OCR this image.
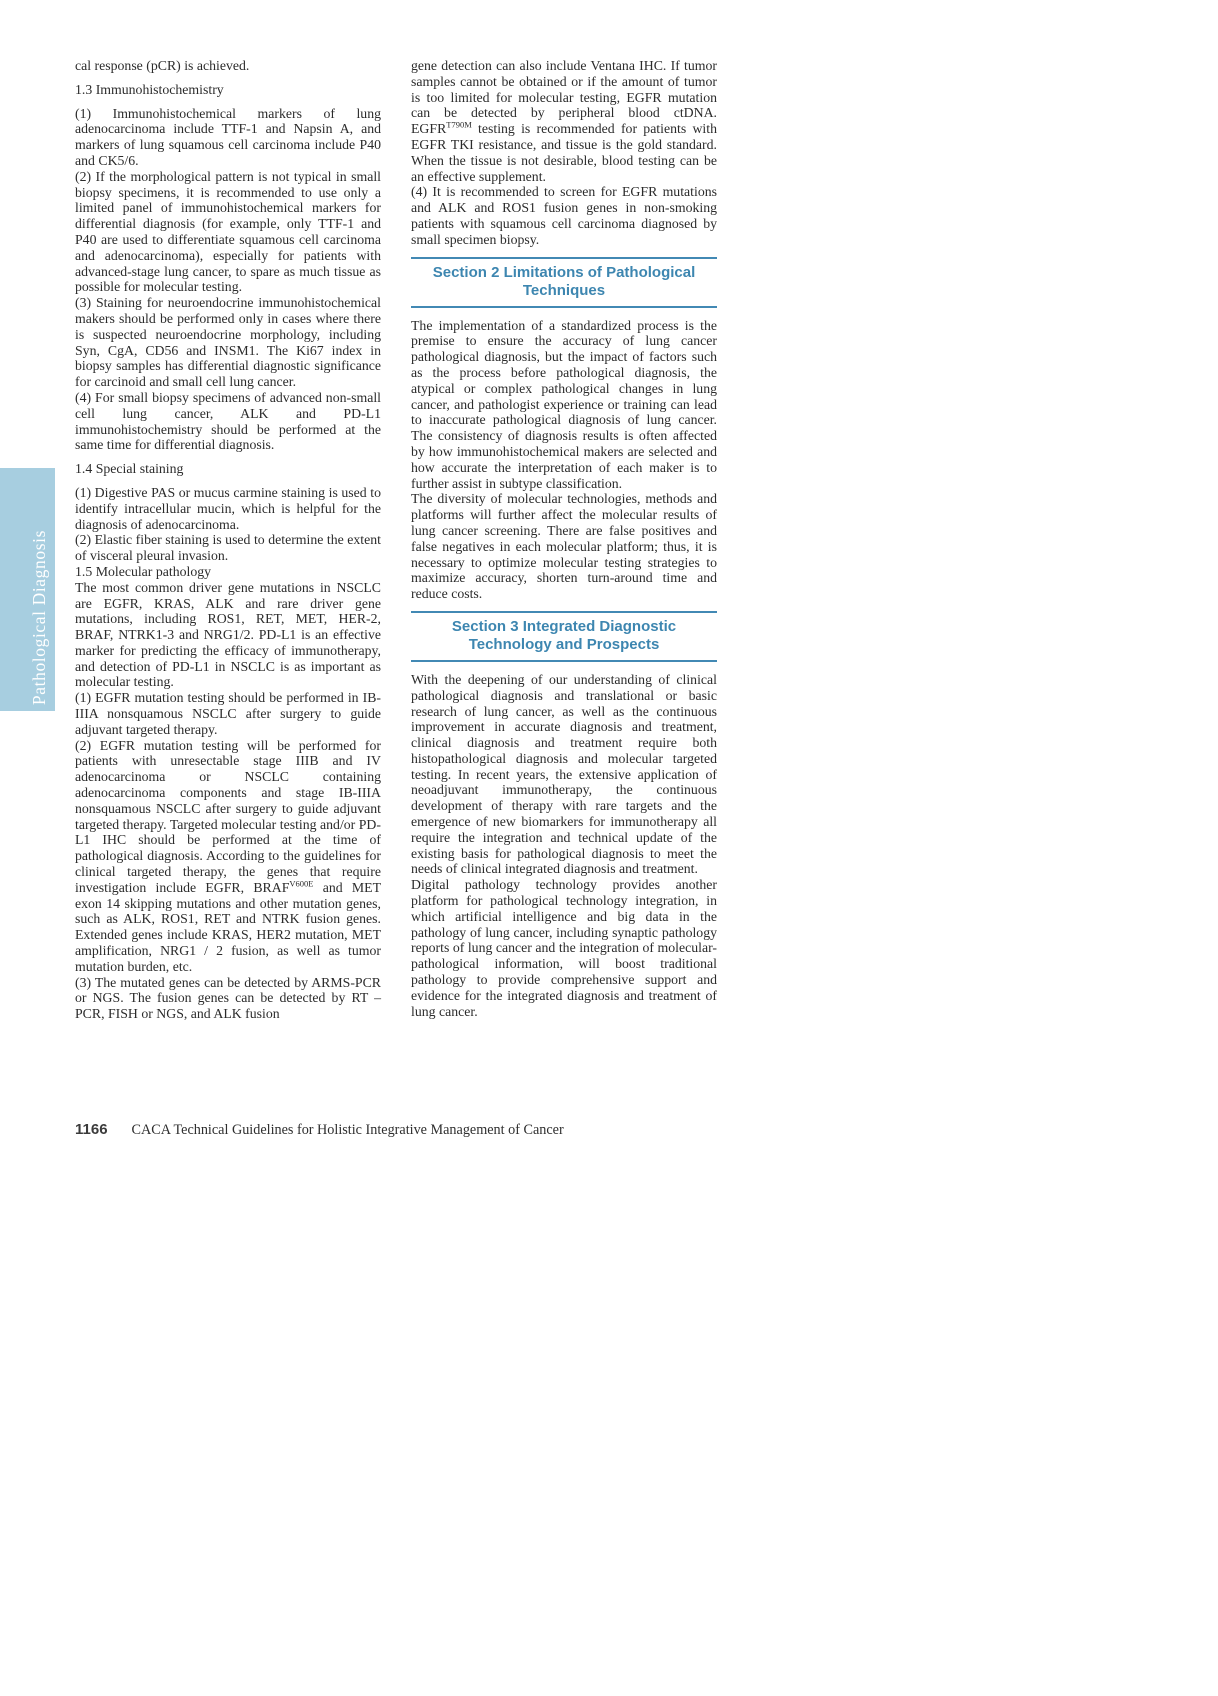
Pathological Diagnosis

cal response (pCR) is achieved.

1.3 Immunohistochemistry

(1) Immunohistochemical markers of lung adenocarcinoma include TTF-1 and Napsin A, and markers of lung squamous cell carcinoma include P40 and CK5/6.

(2) If the morphological pattern is not typical in small biopsy specimens, it is recommended to use only a limited panel of immunohistochemical markers for differential diagnosis (for example, only TTF-1 and P40 are used to differentiate squamous cell carcinoma and adenocarcinoma), especially for patients with advanced-stage lung cancer, to spare as much tissue as possible for molecular testing.

(3) Staining for neuroendocrine immunohistochemical makers should be performed only in cases where there is suspected neuroendocrine morphology, including Syn, CgA, CD56 and INSM1. The Ki67 index in biopsy samples has differential diagnostic significance for carcinoid and small cell lung cancer.

(4) For small biopsy specimens of advanced non-small cell lung cancer, ALK and PD-L1 immunohistochemistry should be performed at the same time for differential diagnosis.

1.4 Special staining

(1) Digestive PAS or mucus carmine staining is used to identify intracellular mucin, which is helpful for the diagnosis of adenocarcinoma.

(2) Elastic fiber staining is used to determine the extent of visceral pleural invasion.

1.5 Molecular pathology

The most common driver gene mutations in NSCLC are EGFR, KRAS, ALK and rare driver gene mutations, including ROS1, RET, MET, HER-2, BRAF, NTRK1-3 and NRG1/2. PD-L1 is an effective marker for predicting the efficacy of immunotherapy, and detection of PD-L1 in NSCLC is as important as molecular testing.

(1) EGFR mutation testing should be performed in IB-IIIA nonsquamous NSCLC after surgery to guide adjuvant targeted therapy.

(2) EGFR mutation testing will be performed for patients with unresectable stage IIIB and IV adenocarcinoma or NSCLC containing adenocarcinoma components and stage IB-IIIA nonsquamous NSCLC after surgery to guide adjuvant targeted therapy. Targeted molecular testing and/or PD-L1 IHC should be performed at the time of pathological diagnosis. According to the guidelines for clinical targeted therapy, the genes that require investigation include EGFR, $BRAF^{V600E}$ and MET exon 14 skipping mutations and other mutation genes, such as ALK, ROS1, RET and NTRK fusion genes. Extended genes include KRAS, HER2 mutation, MET amplification, NRG1 / 2 fusion, as well as tumor mutation burden, etc.

(3) The mutated genes can be detected by ARMS-PCR or NGS. The fusion genes can be detected by RT – PCR, FISH or NGS, and ALK fusion

gene detection can also include Ventana IHC. If tumor samples cannot be obtained or if the amount of tumor is too limited for molecular testing, EGFR mutation can be detected by peripheral blood ctDNA. $EGFR^{T790M}$ testing is recommended for patients with EGFR TKI resistance, and tissue is the gold standard. When the tissue is not desirable, blood testing can be an effective supplement.

(4) It is recommended to screen for EGFR mutations and ALK and ROS1 fusion genes in non-smoking patients with squamous cell carcinoma diagnosed by small specimen biopsy.

Section 2 Limitations of Pathological Techniques

The implementation of a standardized process is the premise to ensure the accuracy of lung cancer pathological diagnosis, but the impact of factors such as the process before pathological diagnosis, the atypical or complex pathological changes in lung cancer, and pathologist experience or training can lead to inaccurate pathological diagnosis of lung cancer. The consistency of diagnosis results is often affected by how immunohistochemical makers are selected and how accurate the interpretation of each maker is to further assist in subtype classification.

The diversity of molecular technologies, methods and platforms will further affect the molecular results of lung cancer screening. There are false positives and false negatives in each molecular platform; thus, it is necessary to optimize molecular testing strategies to maximize accuracy, shorten turn-around time and reduce costs.

Section 3 Integrated Diagnostic Technology and Prospects

With the deepening of our understanding of clinical pathological diagnosis and translational or basic research of lung cancer, as well as the continuous improvement in accurate diagnosis and treatment, clinical diagnosis and treatment require both histopathological diagnosis and molecular targeted testing. In recent years, the extensive application of neoadjuvant immunotherapy, the continuous development of therapy with rare targets and the emergence of new biomarkers for immunotherapy all require the integration and technical update of the existing basis for pathological diagnosis to meet the needs of clinical integrated diagnosis and treatment.

Digital pathology technology provides another platform for pathological technology integration, in which artificial intelligence and big data in the pathology of lung cancer, including synaptic pathology reports of lung cancer and the integration of molecular-pathological information, will boost traditional pathology to provide comprehensive support and evidence for the integrated diagnosis and treatment of lung cancer.

1166 CACA Technical Guidelines for Holistic Integrative Management of Cancer
